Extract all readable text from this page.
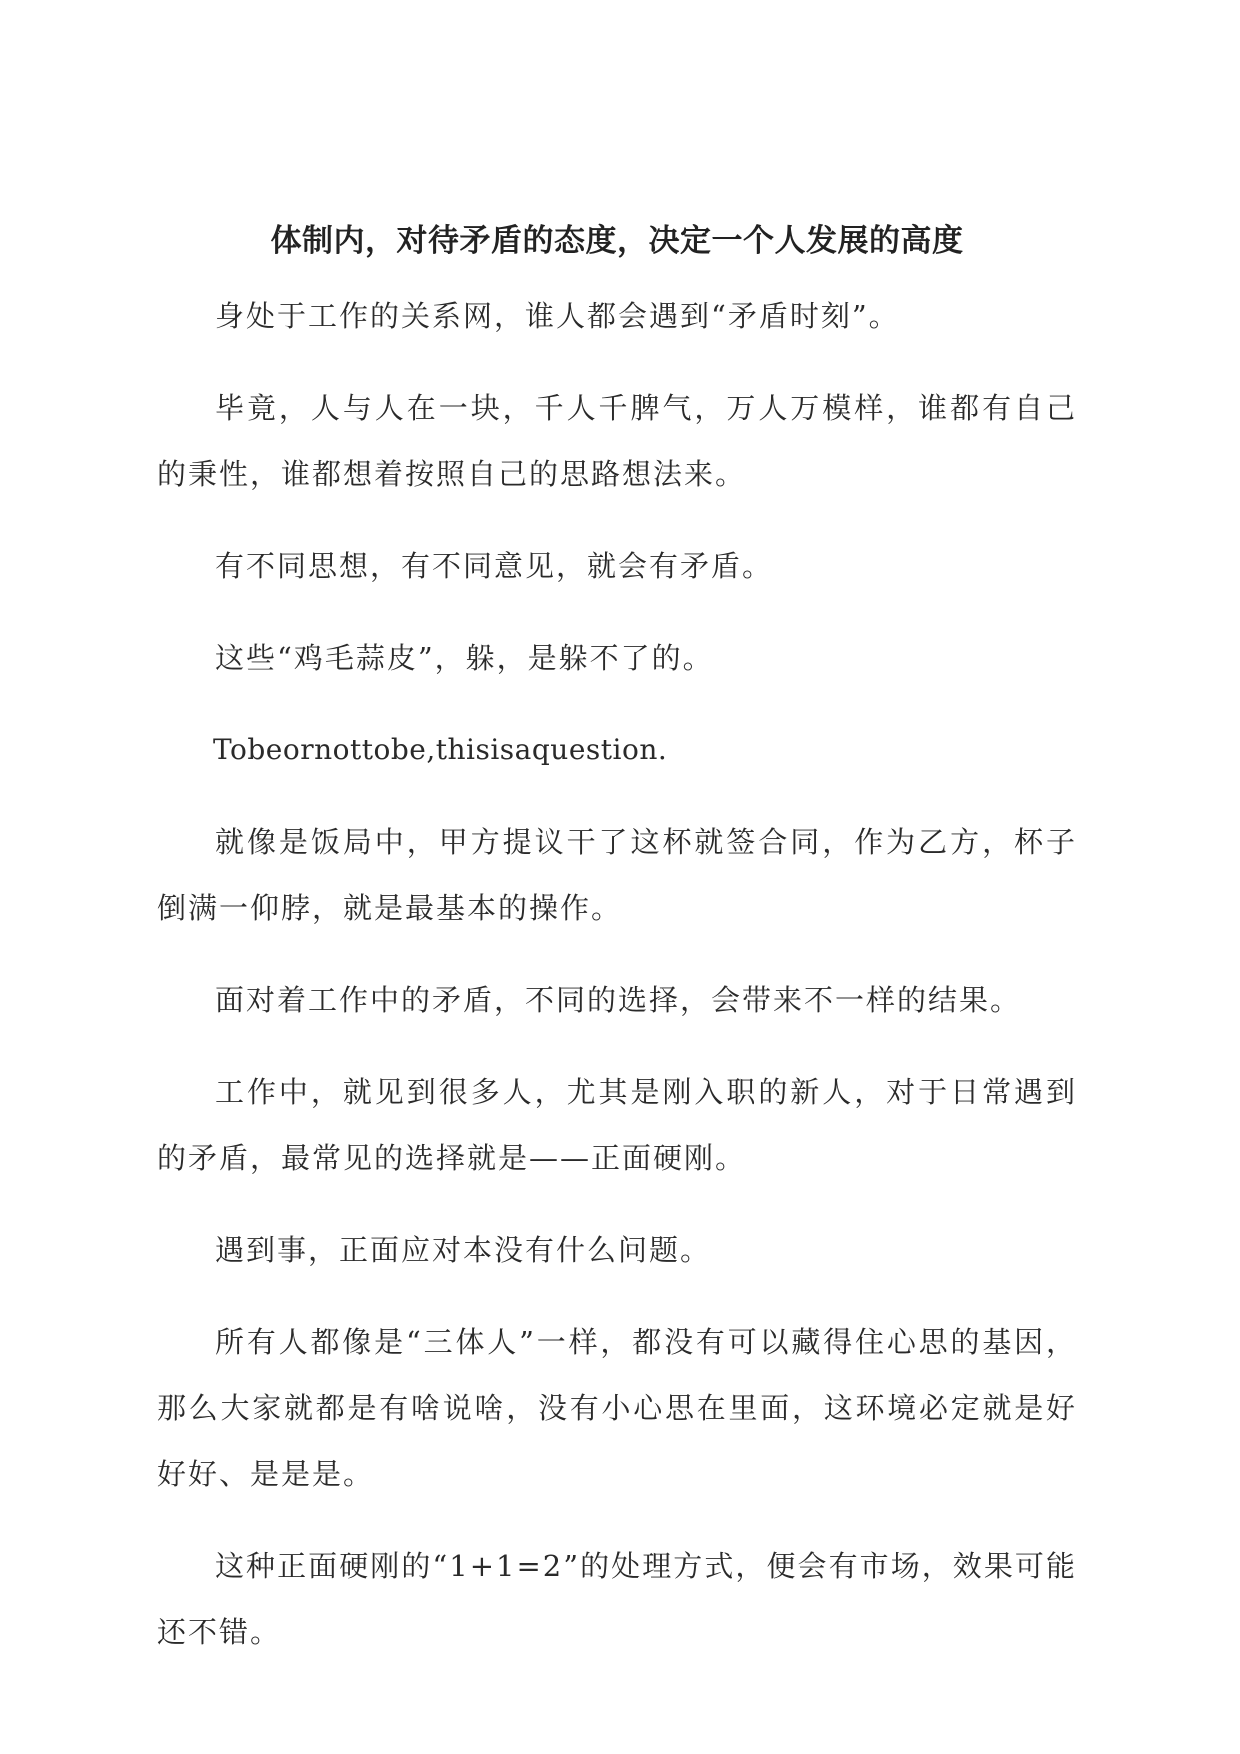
体制内，对待矛盾的态度，决定一个人发展的高度

身处于工作的关系网，谁人都会遇到“矛盾时刻”。

毕竟，人与人在一块，千人千脾气，万人万模样，谁都有自己的秉性，谁都想着按照自己的思路想法来。

有不同思想，有不同意见，就会有矛盾。

这些“鸡毛蒜皮”，躲，是躲不了的。

Tobeornottobe,thisisaquestion.

就像是饭局中，甲方提议干了这杯就签合同，作为乙方，杯子倒满一仰脖，就是最基本的操作。

面对着工作中的矛盾，不同的选择，会带来不一样的结果。

工作中，就见到很多人，尤其是刚入职的新人，对于日常遇到的矛盾，最常见的选择就是——正面硬刚。

遇到事，正面应对本没有什么问题。

所有人都像是“三体人”一样，都没有可以藏得住心思的基因，那么大家就都是有啥说啥，没有小心思在里面，这环境必定就是好好好、是是是。

这种正面硬刚的“1+1=2”的处理方式，便会有市场，效果可能还不错。
